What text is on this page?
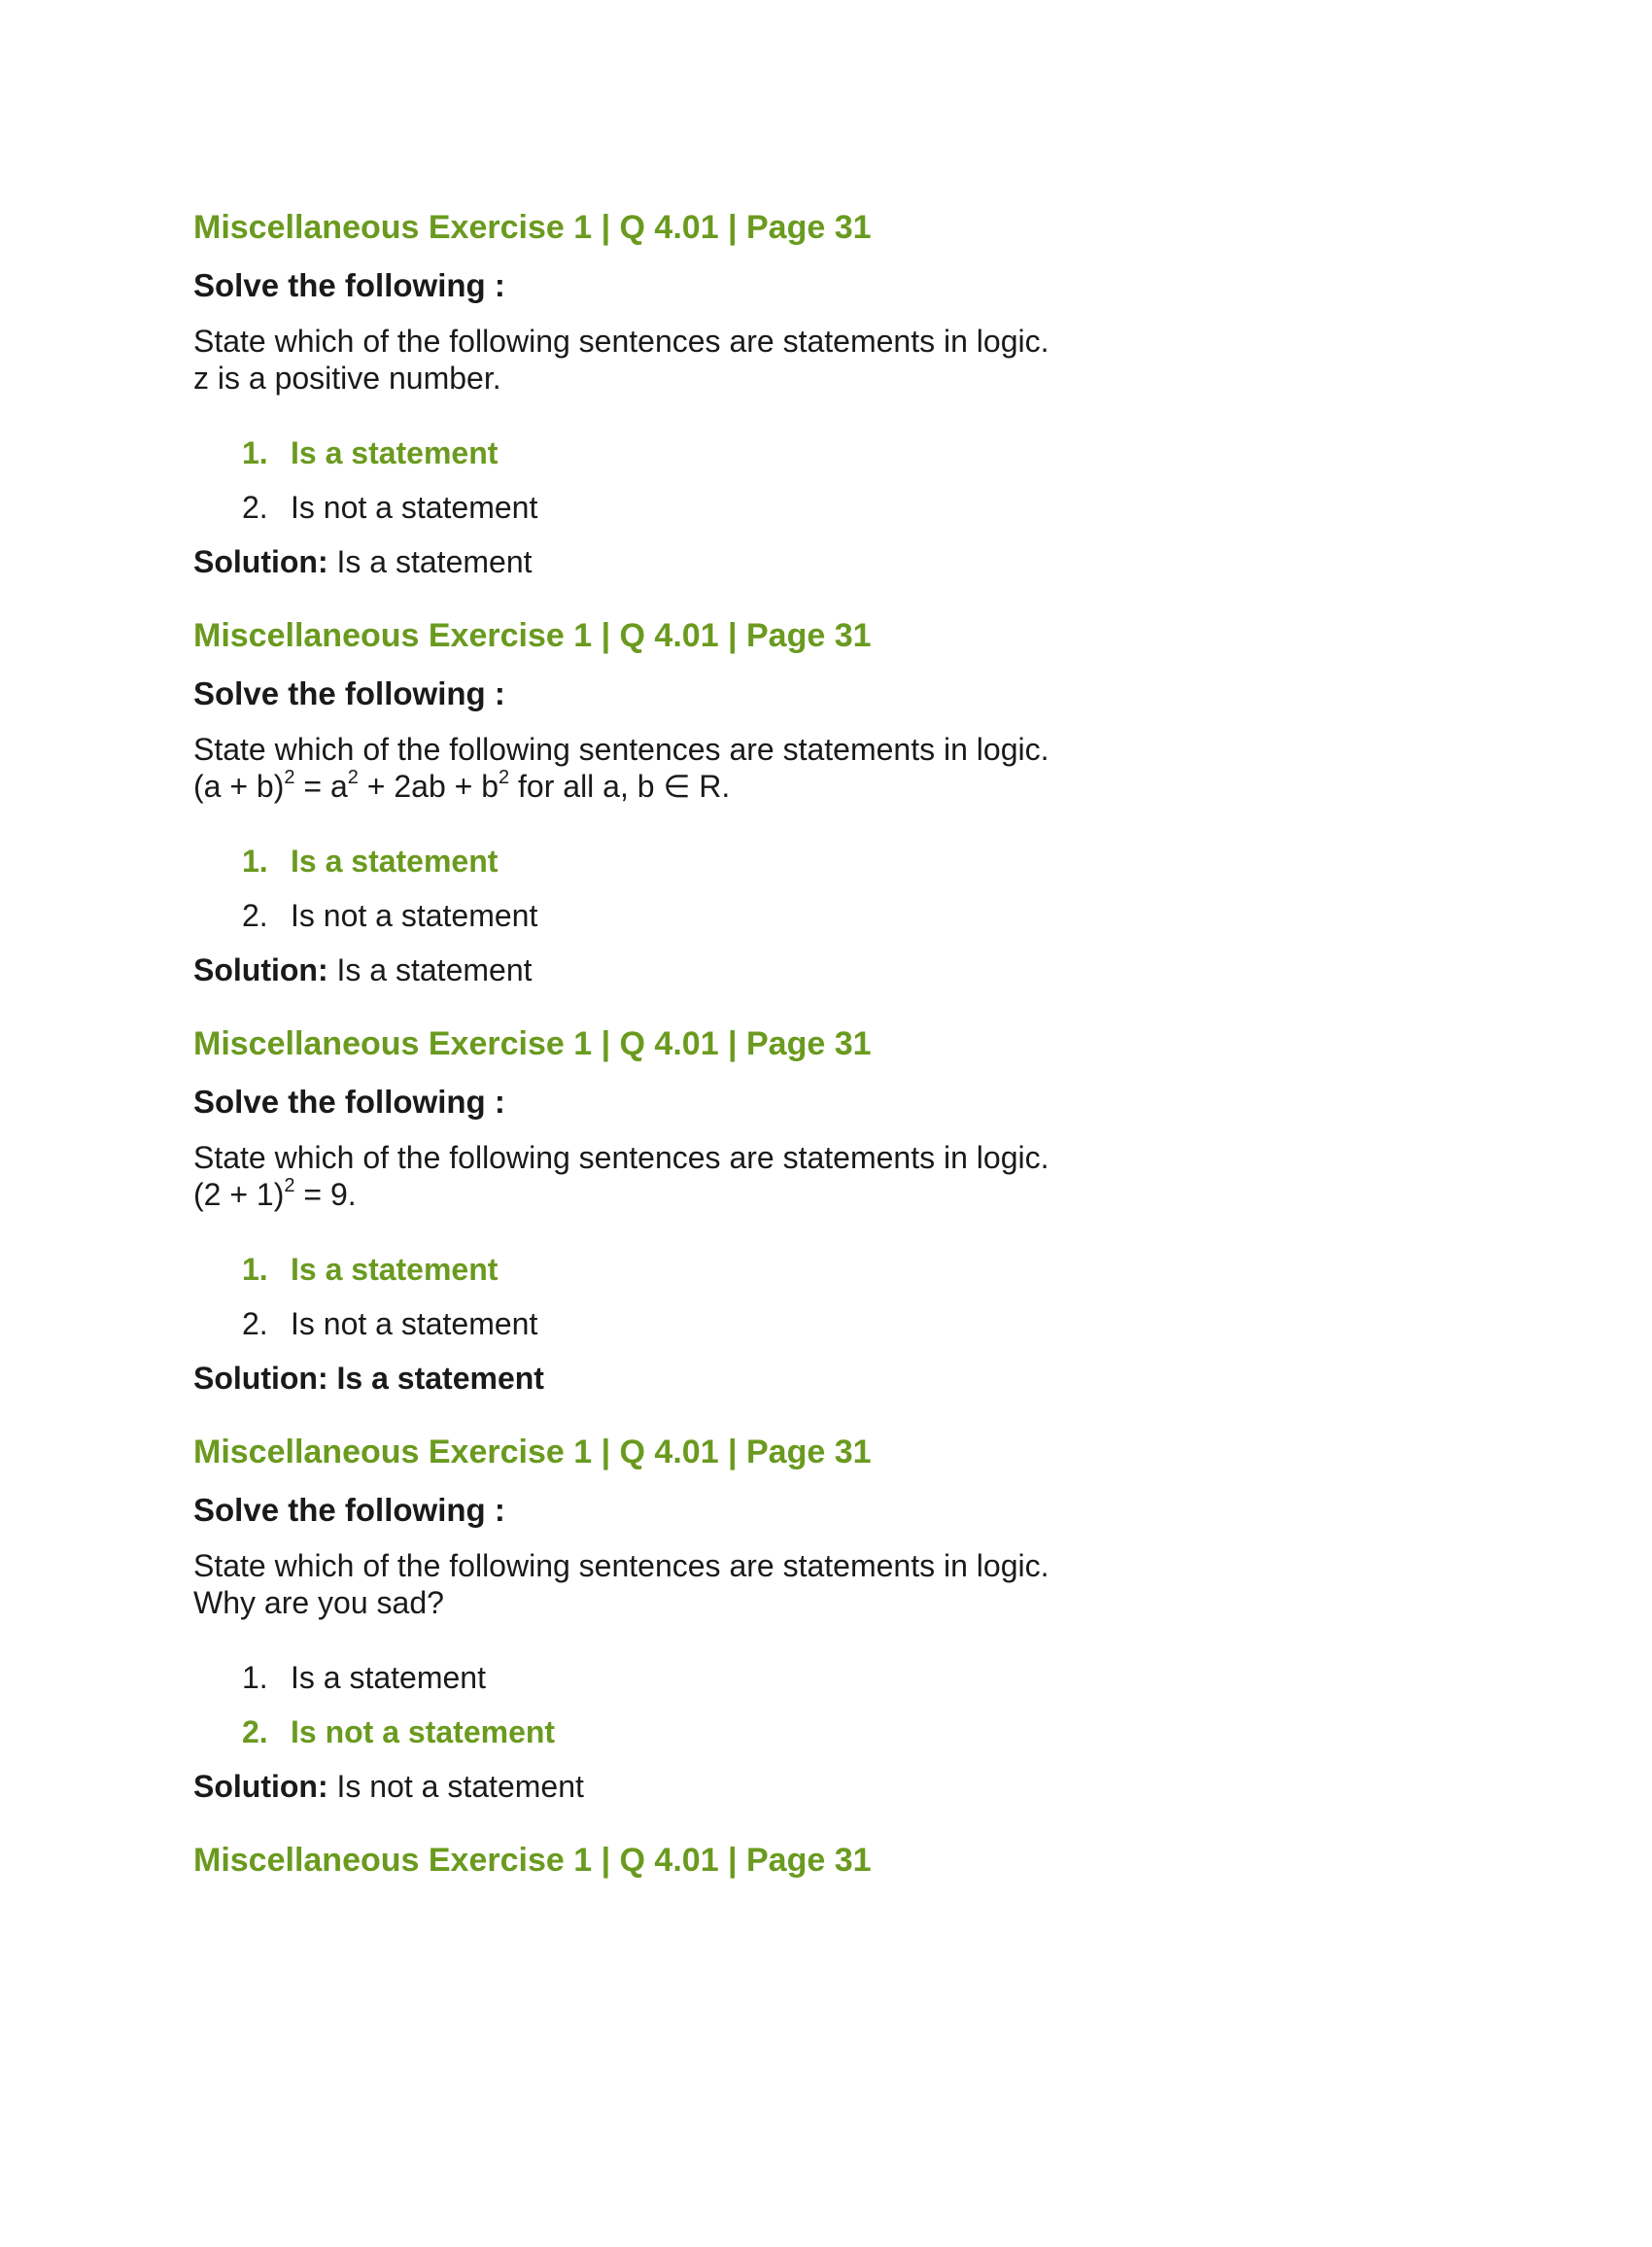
Miscellaneous Exercise 1 | Q 4.01 | Page 31
Solve the following :
State which of the following sentences are statements in logic.
z is a positive number.
1. Is a statement
2. Is not a statement
Solution: Is a statement
Miscellaneous Exercise 1 | Q 4.01 | Page 31
Solve the following :
State which of the following sentences are statements in logic.
$(a + b)^2 = a^2 + 2ab + b^2$ for all a, b ∈ R.
1. Is a statement
2. Is not a statement
Solution: Is a statement
Miscellaneous Exercise 1 | Q 4.01 | Page 31
Solve the following :
State which of the following sentences are statements in logic.
$(2 + 1)^2 = 9$.
1. Is a statement
2. Is not a statement
Solution: Is a statement
Miscellaneous Exercise 1 | Q 4.01 | Page 31
Solve the following :
State which of the following sentences are statements in logic.
Why are you sad?
1. Is a statement
2. Is not a statement
Solution: Is not a statement
Miscellaneous Exercise 1 | Q 4.01 | Page 31
